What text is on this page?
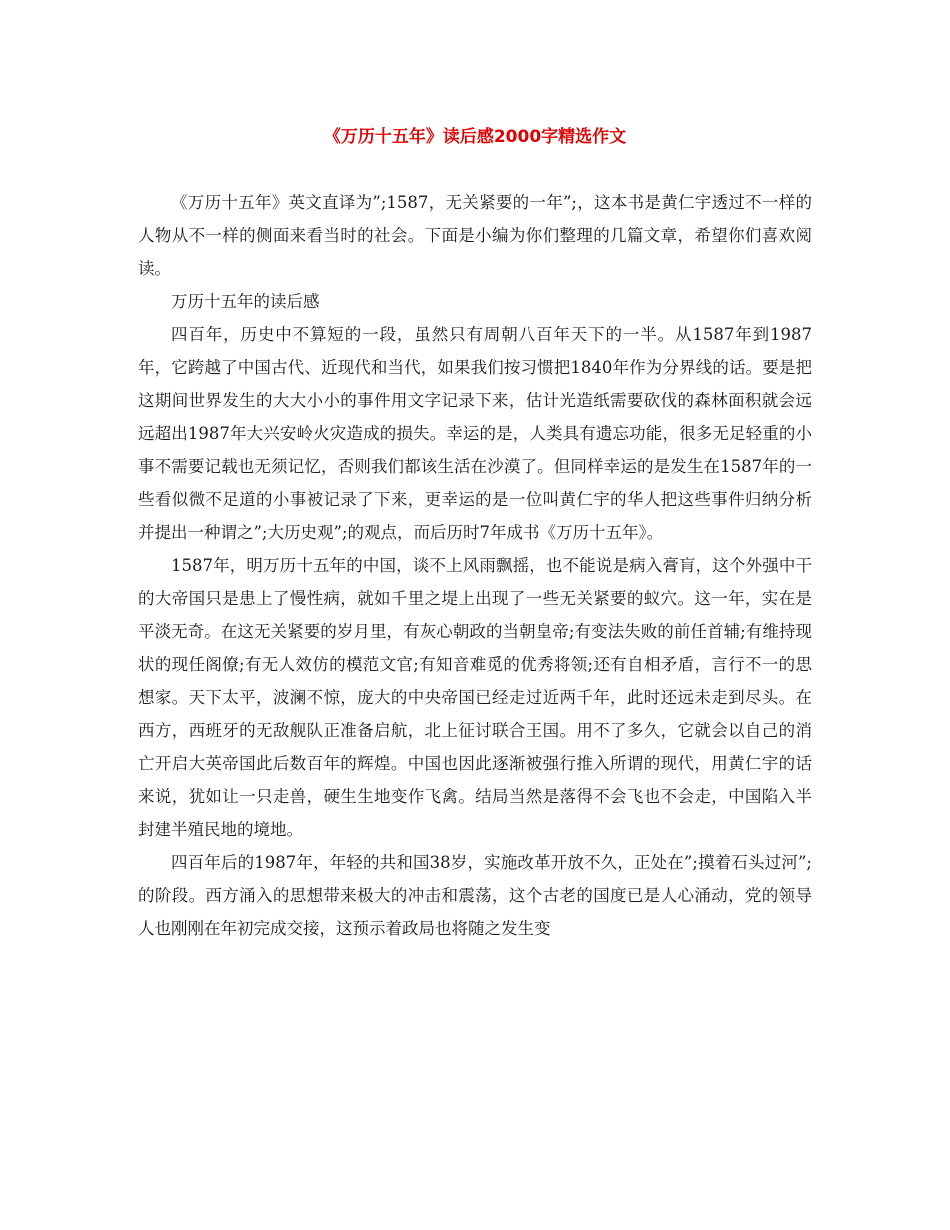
《万历十五年》读后感2000字精选作文

《万历十五年》英文直译为”;1587，无关紧要的一年”;，这本书是黄仁宇透过不一样的人物从不一样的侧面来看当时的社会。下面是小编为你们整理的几篇文章，希望你们喜欢阅读。

万历十五年的读后感

四百年，历史中不算短的一段，虽然只有周朝八百年天下的一半。从1587年到1987年，它跨越了中国古代、近现代和当代，如果我们按习惯把1840年作为分界线的话。要是把这期间世界发生的大大小小的事件用文字记录下来，估计光造纸需要砍伐的森林面积就会远远超出1987年大兴安岭火灾造成的损失。幸运的是，人类具有遗忘功能，很多无足轻重的小事不需要记载也无须记忆，否则我们都该生活在沙漠了。但同样幸运的是发生在1587年的一些看似微不足道的小事被记录了下来，更幸运的是一位叫黄仁宇的华人把这些事件归纳分析并提出一种谓之”;大历史观”;的观点，而后历时7年成书《万历十五年》。

1587年，明万历十五年的中国，谈不上风雨飘摇，也不能说是病入膏肓，这个外强中干的大帝国只是患上了慢性病，就如千里之堤上出现了一些无关紧要的蚁穴。这一年，实在是平淡无奇。在这无关紧要的岁月里，有灰心朝政的当朝皇帝;有变法失败的前任首辅;有维持现状的现任阁僚;有无人效仿的模范文官;有知音难觅的优秀将领;还有自相矛盾，言行不一的思想家。天下太平，波澜不惊，庞大的中央帝国已经走过近两千年，此时还远未走到尽头。在西方，西班牙的无敌舰队正准备启航，北上征讨联合王国。用不了多久，它就会以自己的消亡开启大英帝国此后数百年的辉煌。中国也因此逐渐被强行推入所谓的现代，用黄仁宇的话来说，犹如让一只走兽，硬生生地变作飞禽。结局当然是落得不会飞也不会走，中国陷入半封建半殖民地的境地。

四百年后的1987年，年轻的共和国38岁，实施改革开放不久，正处在”;摸着石头过河”;的阶段。西方涌入的思想带来极大的冲击和震荡，这个古老的国度已是人心涌动，党的领导人也刚刚在年初完成交接，这预示着政局也将随之发生变
